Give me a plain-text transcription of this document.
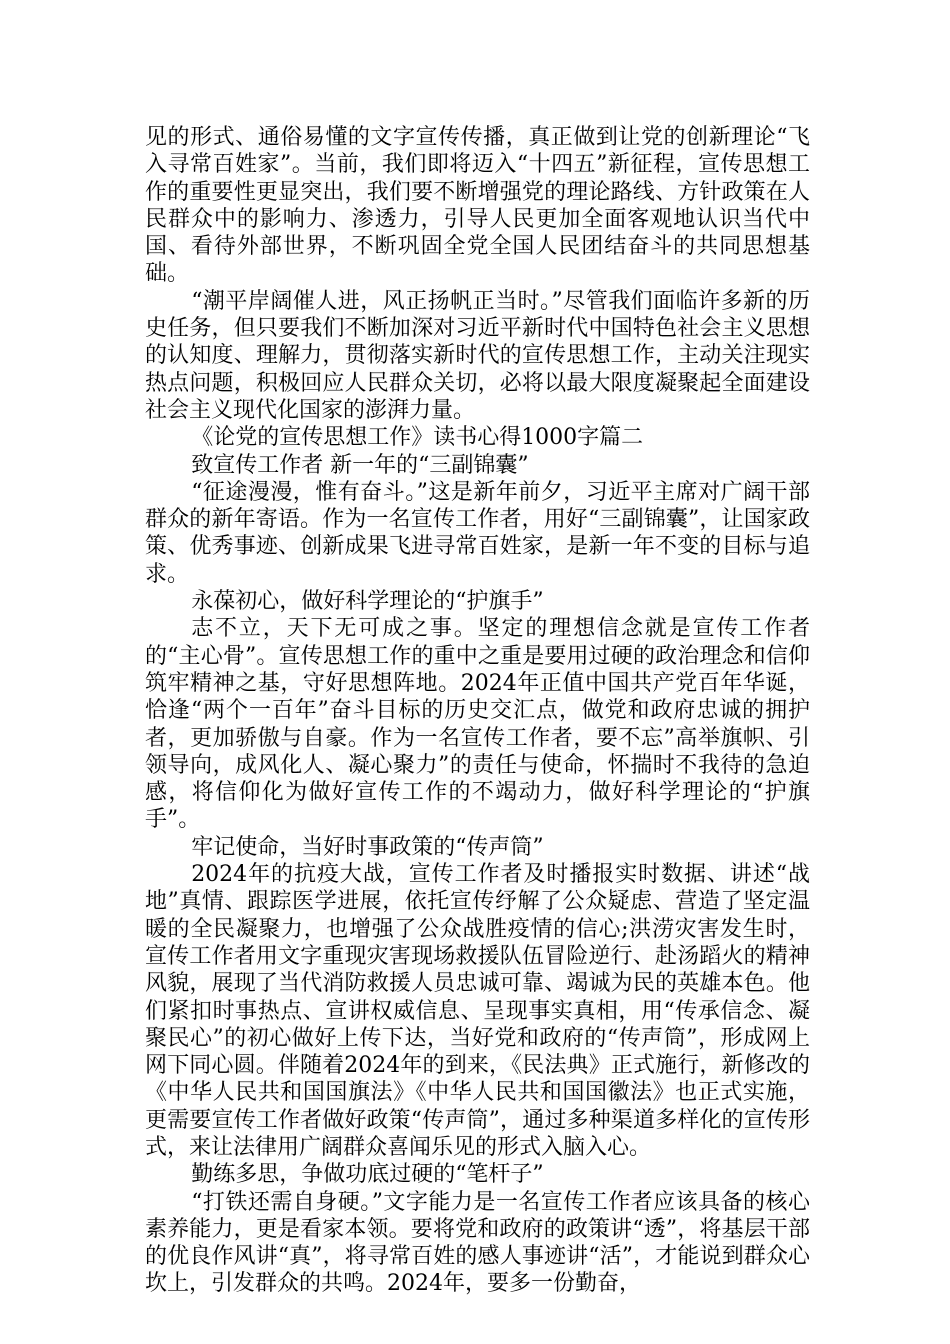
见的形式、通俗易懂的文字宣传传播，真正做到让党的创新理论“飞入寻常百姓家”。当前，我们即将迈入“十四五”新征程，宣传思想工作的重要性更显突出，我们要不断增强党的理论路线、方针政策在人民群众中的影响力、渗透力，引导人民更加全面客观地认识当代中国、看待外部世界，不断巩固全党全国人民团结奋斗的共同思想基础。

“潮平岸阔催人进，风正扬帆正当时。”尽管我们面临许多新的历史任务，但只要我们不断加深对习近平新时代中国特色社会主义思想的认知度、理解力，贯彻落实新时代的宣传思想工作，主动关注现实热点问题，积极回应人民群众关切，必将以最大限度凝聚起全面建设社会主义现代化国家的澎湃力量。

《论党的宣传思想工作》读书心得1000字篇二

致宣传工作者 新一年的“三副锦囊”

“征途漫漫，惟有奋斗。”这是新年前夕，习近平主席对广阔干部群众的新年寄语。作为一名宣传工作者，用好“三副锦囊”，让国家政策、优秀事迹、创新成果飞进寻常百姓家，是新一年不变的目标与追求。

永葆初心，做好科学理论的“护旗手”

志不立，天下无可成之事。坚定的理想信念就是宣传工作者的“主心骨”。宣传思想工作的重中之重是要用过硬的政治理念和信仰筑牢精神之基，守好思想阵地。2024年正值中国共产党百年华诞，恰逢“两个一百年”奋斗目标的历史交汇点，做党和政府忠诚的拥护者，更加骄傲与自豪。作为一名宣传工作者，要不忘”高举旗帜、引领导向，成风化人、凝心聚力”的责任与使命，怀揣时不我待的急迫感，将信仰化为做好宣传工作的不竭动力，做好科学理论的“护旗手”。

牢记使命，当好时事政策的“传声筒”

2024年的抗疫大战，宣传工作者及时播报实时数据、讲述“战地”真情、跟踪医学进展，依托宣传纾解了公众疑虑、营造了坚定温暖的全民凝聚力，也增强了公众战胜疫情的信心;洪涝灾害发生时，宣传工作者用文字重现灾害现场救援队伍冒险逆行、赴汤蹈火的精神风貌，展现了当代消防救援人员忠诚可靠、竭诚为民的英雄本色。他们紧扣时事热点、宣讲权威信息、呈现事实真相，用“传承信念、凝聚民心”的初心做好上传下达，当好党和政府的“传声筒”，形成网上网下同心圆。伴随着2024年的到来，《民法典》正式施行，新修改的《中华人民共和国国旗法》《中华人民共和国国徽法》也正式实施，更需要宣传工作者做好政策“传声筒”，通过多种渠道多样化的宣传形式，来让法律用广阔群众喜闻乐见的形式入脑入心。

勤练多思，争做功底过硬的“笔杆子”

“打铁还需自身硬。”文字能力是一名宣传工作者应该具备的核心素养能力，更是看家本领。要将党和政府的政策讲“透”，将基层干部的优良作风讲“真”，将寻常百姓的感人事迹讲“活”，才能说到群众心坎上，引发群众的共鸣。2024年，要多一份勤奋，
